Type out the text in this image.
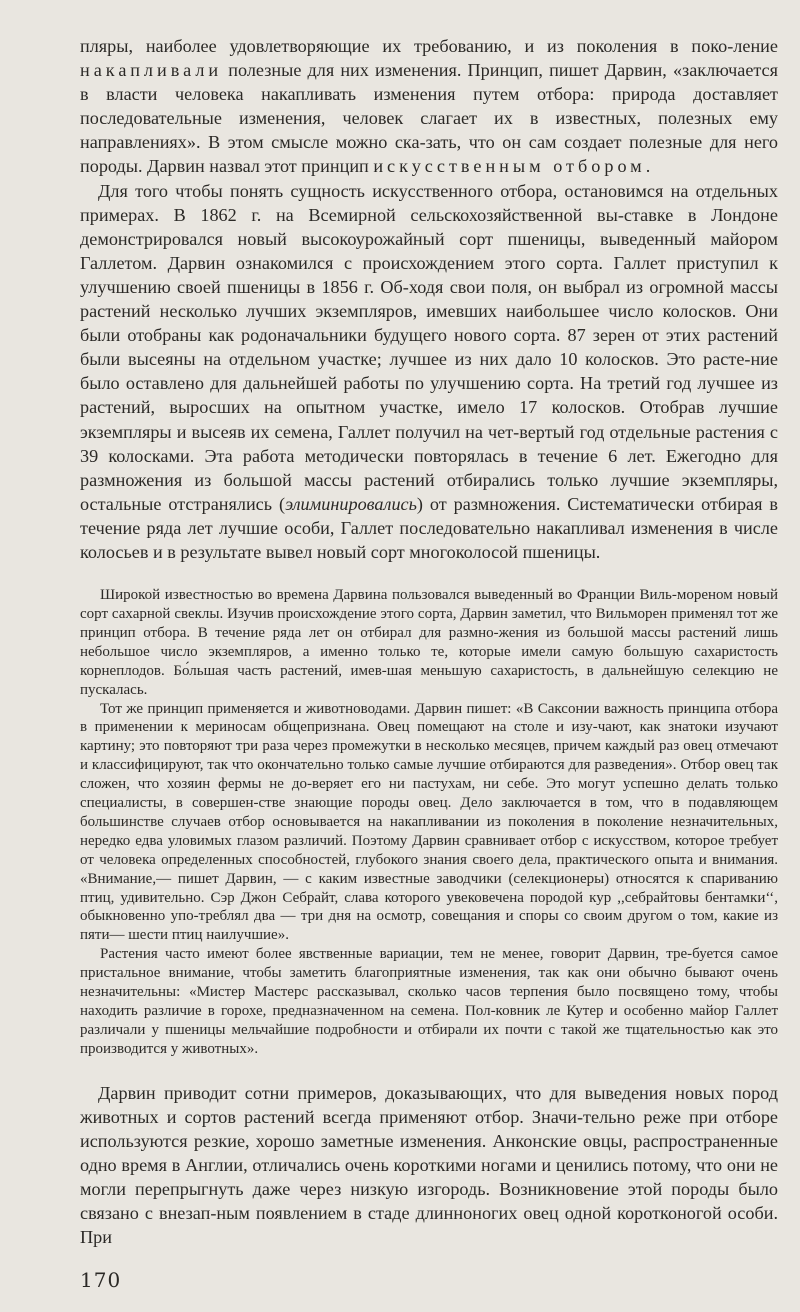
пляры, наиболее удовлетворяющие их требованию, и из поколения в поко-ление накапливали полезные для них изменения. Принцип, пишет Дарвин, «заключается в власти человека накапливать изменения путем отбора: природа доставляет последовательные изменения, человек слагает их в известных, полезных ему направлениях». В этом смысле можно ска-зать, что он сам создает полезные для него породы. Дарвин назвал этот принцип искусственным отбором.

Для того чтобы понять сущность искусственного отбора, остановимся на отдельных примерах. В 1862 г. на Всемирной сельскохозяйственной вы-ставке в Лондоне демонстрировался новый высокоурожайный сорт пшеницы, выведенный майором Галлетом. Дарвин ознакомился с происхождением этого сорта. Галлет приступил к улучшению своей пшеницы в 1856 г. Об-ходя свои поля, он выбрал из огромной массы растений несколько лучших экземпляров, имевших наибольшее число колосков. Они были отобраны как родоначальники будущего нового сорта. 87 зерен от этих растений были высеяны на отдельном участке; лучшее из них дало 10 колосков. Это расте-ние было оставлено для дальнейшей работы по улучшению сорта. На третий год лучшее из растений, выросших на опытном участке, имело 17 колосков. Отобрав лучшие экземпляры и высеяв их семена, Галлет получил на чет-вертый год отдельные растения с 39 колосками. Эта работа методически повторялась в течение 6 лет. Ежегодно для размножения из большой массы растений отбирались только лучшие экземпляры, остальные отстранялись (элиминировались) от размножения. Систематически отбирая в течение ряда лет лучшие особи, Галлет последовательно накапливал изменения в числе колосьев и в результате вывел новый сорт многоколосой пшеницы.

Широкой известностью во времена Дарвина пользовался выведенный во Франции Виль-мореном новый сорт сахарной свеклы. Изучив происхождение этого сорта, Дарвин заметил, что Вильморен применял тот же принцип отбора. В течение ряда лет он отбирал для размно-жения из большой массы растений лишь небольшое число экземпляров, а именно только те, которые имели самую большую сахаристость корнеплодов. Бо́льшая часть растений, имев-шая меньшую сахаристость, в дальнейшую селекцию не пускалась.

Тот же принцип применяется и животноводами. Дарвин пишет: «В Саксонии важность принципа отбора в применении к мериносам общепризнана. Овец помещают на столе и изу-чают, как знатоки изучают картину; это повторяют три раза через промежутки в несколько месяцев, причем каждый раз овец отмечают и классифицируют, так что окончательно только самые лучшие отбираются для разведения». Отбор овец так сложен, что хозяин фермы не до-веряет его ни пастухам, ни себе. Это могут успешно делать только специалисты, в совершен-стве знающие породы овец. Дело заключается в том, что в подавляющем большинстве случаев отбор основывается на накапливании из поколения в поколение незначительных, нередко едва уловимых глазом различий. Поэтому Дарвин сравнивает отбор с искусством, которое требует от человека определенных способностей, глубокого знания своего дела, практического опыта и внимания. «Внимание,— пишет Дарвин, — с каким известные заводчики (селекционеры) относятся к спариванию птиц, удивительно. Сэр Джон Себрайт, слава которого увековечена породой кур ,,себрайтовы бентамки‘‘, обыкновенно упо-треблял два — три дня на осмотр, совещания и споры со своим другом о том, какие из пяти— шести птиц наилучшие».

Растения часто имеют более явственные вариации, тем не менее, говорит Дарвин, тре-буется самое пристальное внимание, чтобы заметить благоприятные изменения, так как они обычно бывают очень незначительны: «Мистер Мастерс рассказывал, сколько часов терпения было посвящено тому, чтобы находить различие в горохе, предназначенном на семена. Пол-ковник ле Кутер и особенно майор Галлет различали у пшеницы мельчайшие подробности и отбирали их почти с такой же тщательностью как это производится у животных».

Дарвин приводит сотни примеров, доказывающих, что для выведения новых пород животных и сортов растений всегда применяют отбор. Значи-тельно реже при отборе используются резкие, хорошо заметные изменения. Анконские овцы, распространенные одно время в Англии, отличались очень короткими ногами и ценились потому, что они не могли перепрыгнуть даже через низкую изгородь. Возникновение этой породы было связано с внезап-ным появлением в стаде длинноногих овец одной коротконогой особи. При

170
